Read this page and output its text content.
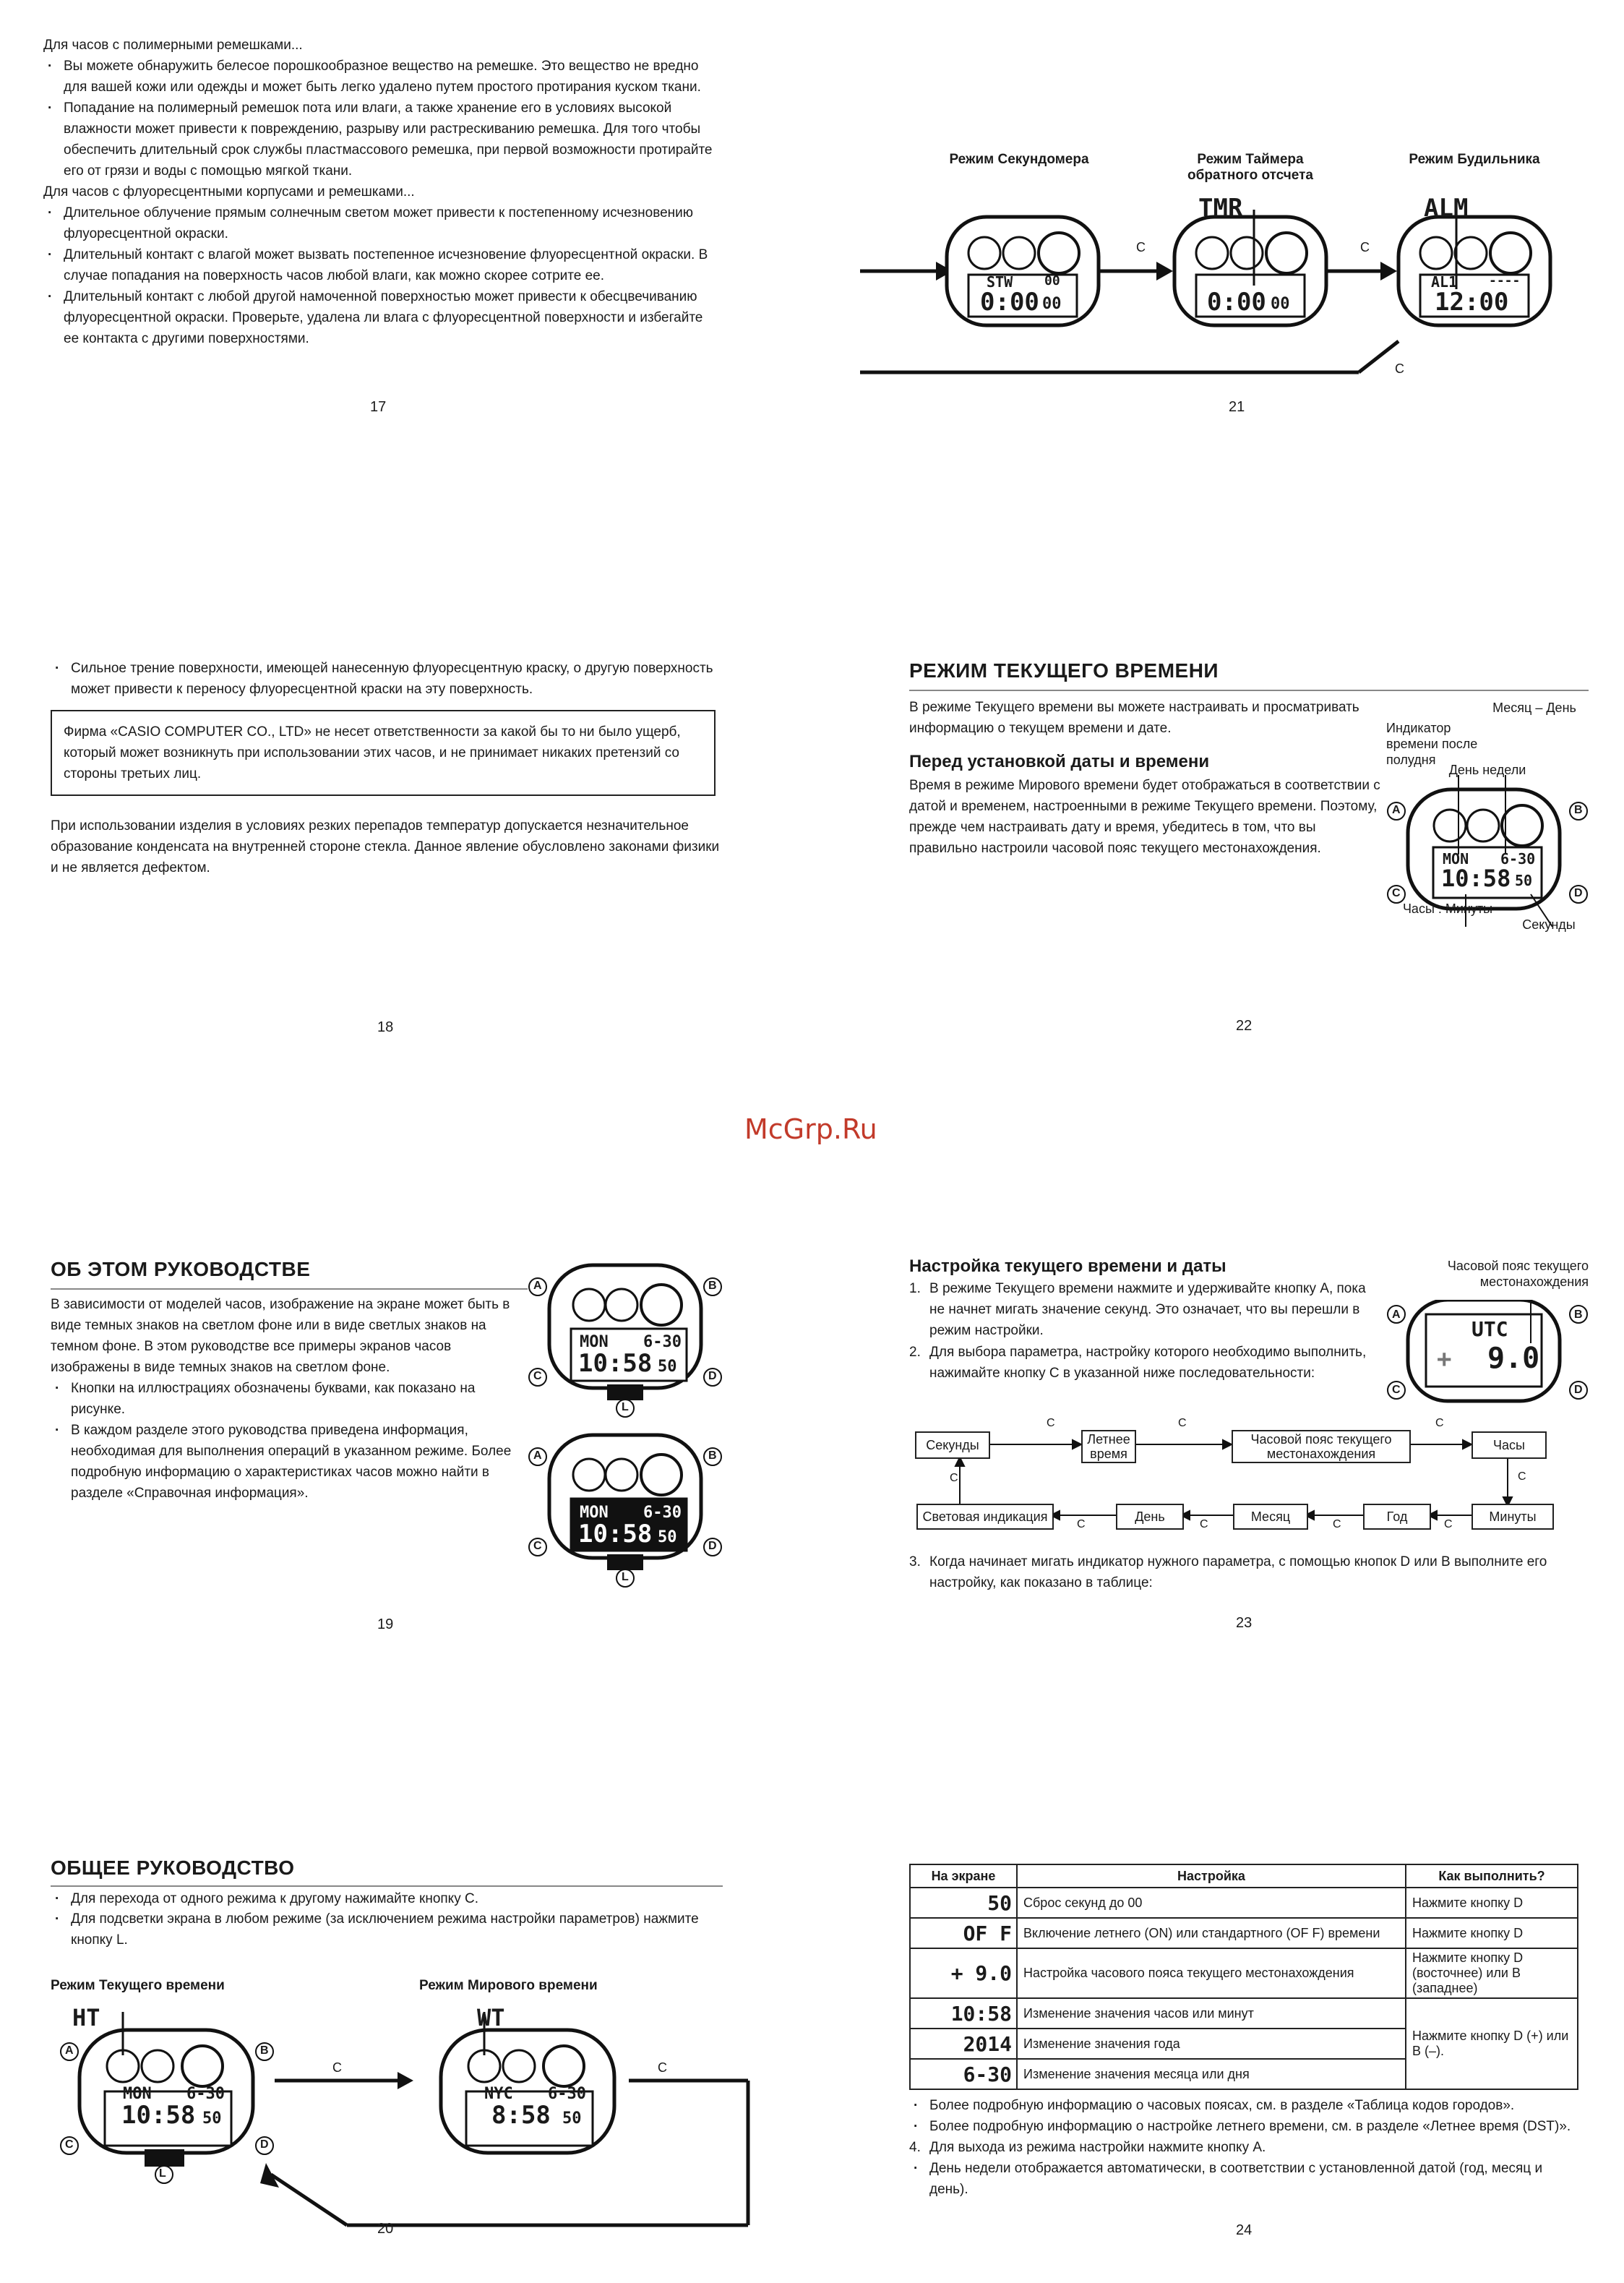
Для часов с полимерными ремешками...

· Вы можете обнаружить белесое порошкообразное вещество на ремешке. Это вещество не вредно для вашей кожи или одежды и может быть легко удалено путем простого протирания куском ткани.

· Попадание на полимерный ремешок пота или влаги, а также хранение его в условиях высокой влажности может привести к повреждению, разрыву или растрескиванию ремешка. Для того чтобы обеспечить длительный срок службы пластмассового ремешка, при первой возможности протирайте его от грязи и воды с помощью мягкой ткани.

Для часов с флуоресцентными корпусами и ремешками...

· Длительное облучение прямым солнечным светом может привести к постепенному исчезновению флуоресцентной окраски.

· Длительный контакт с влагой может вызвать постепенное исчезновение флуоресцентной окраски. В случае попадания на поверхность часов любой влаги, как можно скорее сотрите ее.

· Длительный контакт с любой другой намоченной поверхностью может привести к обесцвечиванию флуоресцентной окраски. Проверьте, удалена ли влага с флуоресцентной поверхности и избегайте ее контакта с другими поверхностями.

17
Режим Секундомера	Режим Таймера обратного отсчета
Режим Будильника
TMR	ALM
STW 00
0:00 00	0:00 00
AL1 ----
12:00
C	C
C
21
· Сильное трение поверхности, имеющей нанесенную флуоресцентную краску, о другую поверхность может привести к переносу флуоресцентной краски на эту поверхность.
Фирма «CASIO COMPUTER CO., LTD» не несет ответственности за какой бы то ни было ущерб, который может возникнуть при использовании этих часов, и не принимает никаких претензий со стороны третьих лиц.
При использовании изделия в условиях резких перепадов температур допускается незначительное образование конденсата на внутренней стороне стекла. Данное явление обусловлено законами физики и не является дефектом.
18
РЕЖИМ ТЕКУЩЕГО ВРЕМЕНИ
В режиме Текущего времени вы можете настраивать и просматривать информацию о текущем времени и дате.
Перед установкой даты и времени
Время в режиме Мирового времени будет отображаться в соответствии с датой и временем, настроенными в режиме Текущего времени. Поэтому, прежде чем настраивать дату и время, убедитесь в том, что вы правильно настроили часовой пояс текущего местонахождения.
Месяц – День
Индикатор времени после полудня
День недели
A	B
C	D
MON 6-30
10:58 50
Часы : Минуты
Секунды
22
McGrp.Ru
ОБ ЭТОМ РУКОВОДСТВЕ
В зависимости от моделей часов, изображение на экране может быть в виде темных знаков на светлом фоне или в виде светлых знаков на темном фоне. В этом руководстве все примеры экранов часов изображены в виде темных знаков на светлом фоне.
· Кнопки на иллюстрациях обозначены буквами, как показано на рисунке.
· В каждом разделе этого руководства приведена информация, необходимая для выполнения операций в указанном режиме. Более подробную информацию о характеристиках часов можно найти в разделе «Справочная информация».
A	B
C	D
L
MON 6-30
10:58 50
MON 6-30
10:58 50
A	B
C	D
L
19
Настройка текущего времени и даты
1. В режиме Текущего времени нажмите и удерживайте кнопку А, пока не начнет мигать значение секунд. Это означает, что вы перешли в режим настройки.

2. Для выбора параметра, настройку которого необходимо выполнить, нажимайте кнопку С в указанной ниже последовательности:

Часовой пояс текущего местонахождения
UTC
+ 9.0
A	B
C	D
Секунды	Летнее время
Часовой пояс текущего местонахождения
Часы
Световая индикация	День	Месяц	Год	Минуты
C	C	C
C
C
C
C
C
C
3. Когда начинает мигать индикатор нужного параметра, с помощью кнопок D или В выполните его настройку, как показано в таблице:

23
ОБЩЕЕ РУКОВОДСТВО
· Для перехода от одного режима к другому нажимайте кнопку С.
· Для подсветки экрана в любом режиме (за исключением режима настройки параметров) нажмите кнопку L.
Режим Текущего времени	Режим Мирового времени
HT	WT
MON 6-30
10:58 50
NYC 6-30
8:58 50
A	B
C	D
L
C	C
20
На экране	Настройка	Как выполнить?
50	Сброс секунд до 00	Нажмите кнопку D
OF F	Включение летнего (ON) или стандартного (OF F) времени	Нажмите кнопку D
+ 9.0	Настройка часового пояса текущего местонахождения	Нажмите кнопку D (восточнее) или B (западнее)
10:58	Изменение значения часов или минут	Нажмите кнопку D (+) или B (–).
2014	Изменение значения года	
6-30	Изменение значения месяца или дня	

· Более подробную информацию о часовых поясах, см. в разделе «Таблица кодов городов».

· Более подробную информацию о настройке летнего времени, см. в разделе «Летнее время (DST)».

4. Для выхода из режима настройки нажмите кнопку А.

· День недели отображается автоматически, в соответствии с установленной датой (год, месяц и день).

24
